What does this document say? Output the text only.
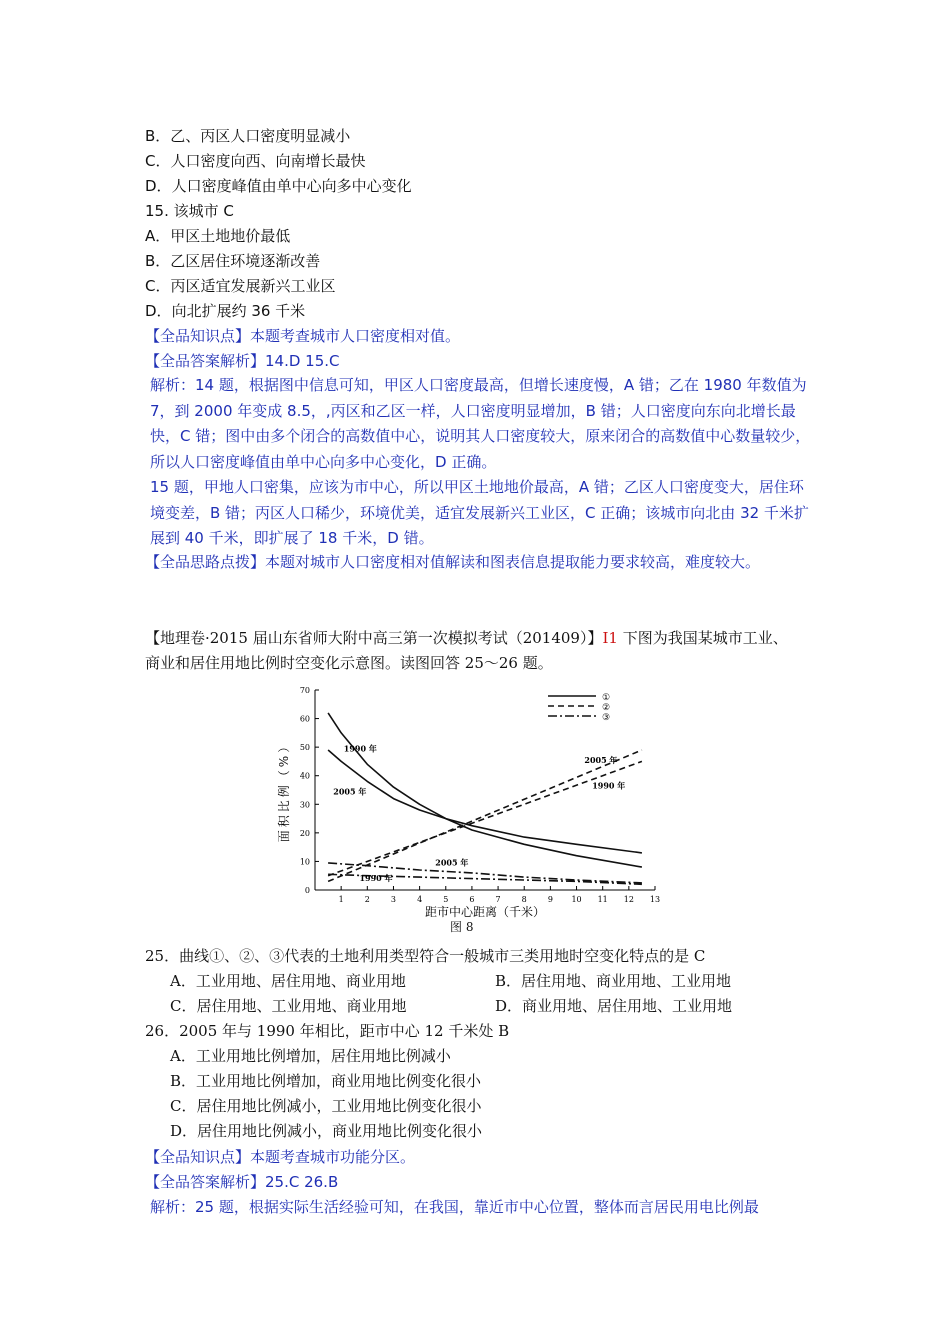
B．乙、丙区人口密度明显减小
C．人口密度向西、向南增长最快
D．人口密度峰值由单中心向多中心变化
15. 该城市 C
A．甲区土地地价最低
B．乙区居住环境逐渐改善
C．丙区适宜发展新兴工业区
D．向北扩展约 36 千米
【全品知识点】本题考查城市人口密度相对值。
【全品答案解析】14.D 15.C
解析：14 题，根据图中信息可知，甲区人口密度最高，但增长速度慢，A 错；乙在 1980 年数值为 7，到 2000 年变成 8.5，,丙区和乙区一样，人口密度明显增加，B 错；人口密度向东向北增长最快，C 错；图中由多个闭合的高数值中心，说明其人口密度较大，原来闭合的高数值中心数量较少，所以人口密度峰值由单中心向多中心变化，D 正确。
15 题，甲地人口密集，应该为市中心，所以甲区土地地价最高，A 错；乙区人口密度变大，居住环境变差，B 错；丙区人口稀少，环境优美，适宜发展新兴工业区，C 正确；该城市向北由 32 千米扩展到 40 千米，即扩展了 18 千米，D 错。
【全品思路点拨】本题对城市人口密度相对值解读和图表信息提取能力要求较高，难度较大。
【地理卷·2015 届山东省师大附中高三第一次模拟考试（201409）】I1 下图为我国某城市工业、
商业和居住用地比例时空变化示意图。读图回答 25～26 题。
0
10
20
30
40
50
60
70
1	2	3	4	5	6	7	8	9 10 11 12 13
距市中心距离（千米）
面积比例（%）	1990 年
2005 年
2005 年
1990 年
2005 年
1990 年
①
②
③
图 8
25．曲线①、②、③代表的土地利用类型符合一般城市三类用地时空变化特点的是 C
A．工业用地、居住用地、商业用地	B．居住用地、商业用地、工业用地
C．居住用地、工业用地、商业用地	D．商业用地、居住用地、工业用地
26．2005 年与 1990 年相比，距市中心 12 千米处 B
A．工业用地比例增加，居住用地比例减小
B．工业用地比例增加，商业用地比例变化很小
C．居住用地比例减小，工业用地比例变化很小
D．居住用地比例减小，商业用地比例变化很小
【全品知识点】本题考查城市功能分区。
【全品答案解析】25.C 26.B
解析：25 题，根据实际生活经验可知，在我国，靠近市中心位置，整体而言居民用电比例最
